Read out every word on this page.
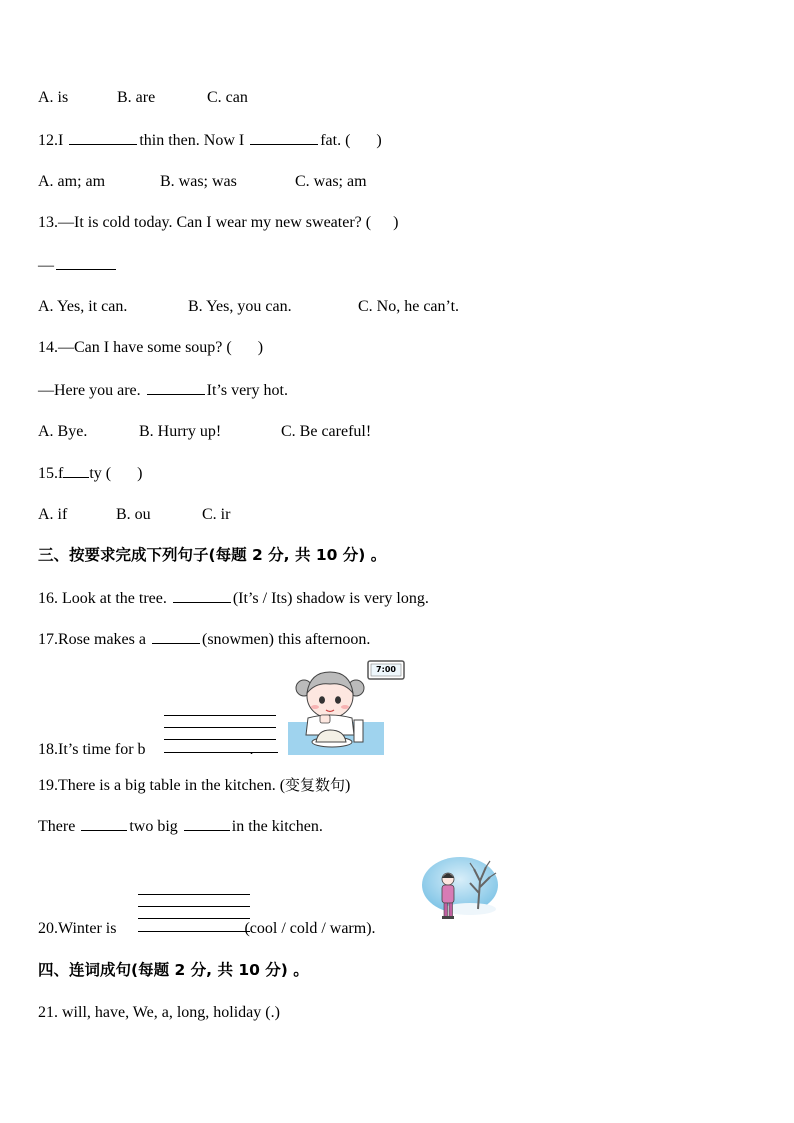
A. is	B. are	C. can
12.I	thin then. Now I	fat. ( )
A. am; am	B. was; was	C. was; am
13.—It is cold today. Can I wear my new sweater? ( )
—
A. Yes, it can.	B. Yes, you can.	C. No, he can’t.
14.—Can I have some soup? ( )
—Here you are.	It’s very hot.
A. Bye.	B. Hurry up!	C. Be careful!
15.f ty ( )
A. if	B. ou	C. ir
三、按要求完成下列句子(每题 2 分, 共 10 分) 。
16. Look at the tree.	(It’s / Its) shadow is very long.
17.Rose makes a	(snowmen) this afternoon.
18.It’s time for b	.
7:00
19.There is a big table in the kitchen. (变复数句)
There	two big	in the kitchen.
20.Winter is	(cool / cold / warm).
四、连词成句(每题 2 分, 共 10 分) 。
21. will, have, We, a, long, holiday (.)
